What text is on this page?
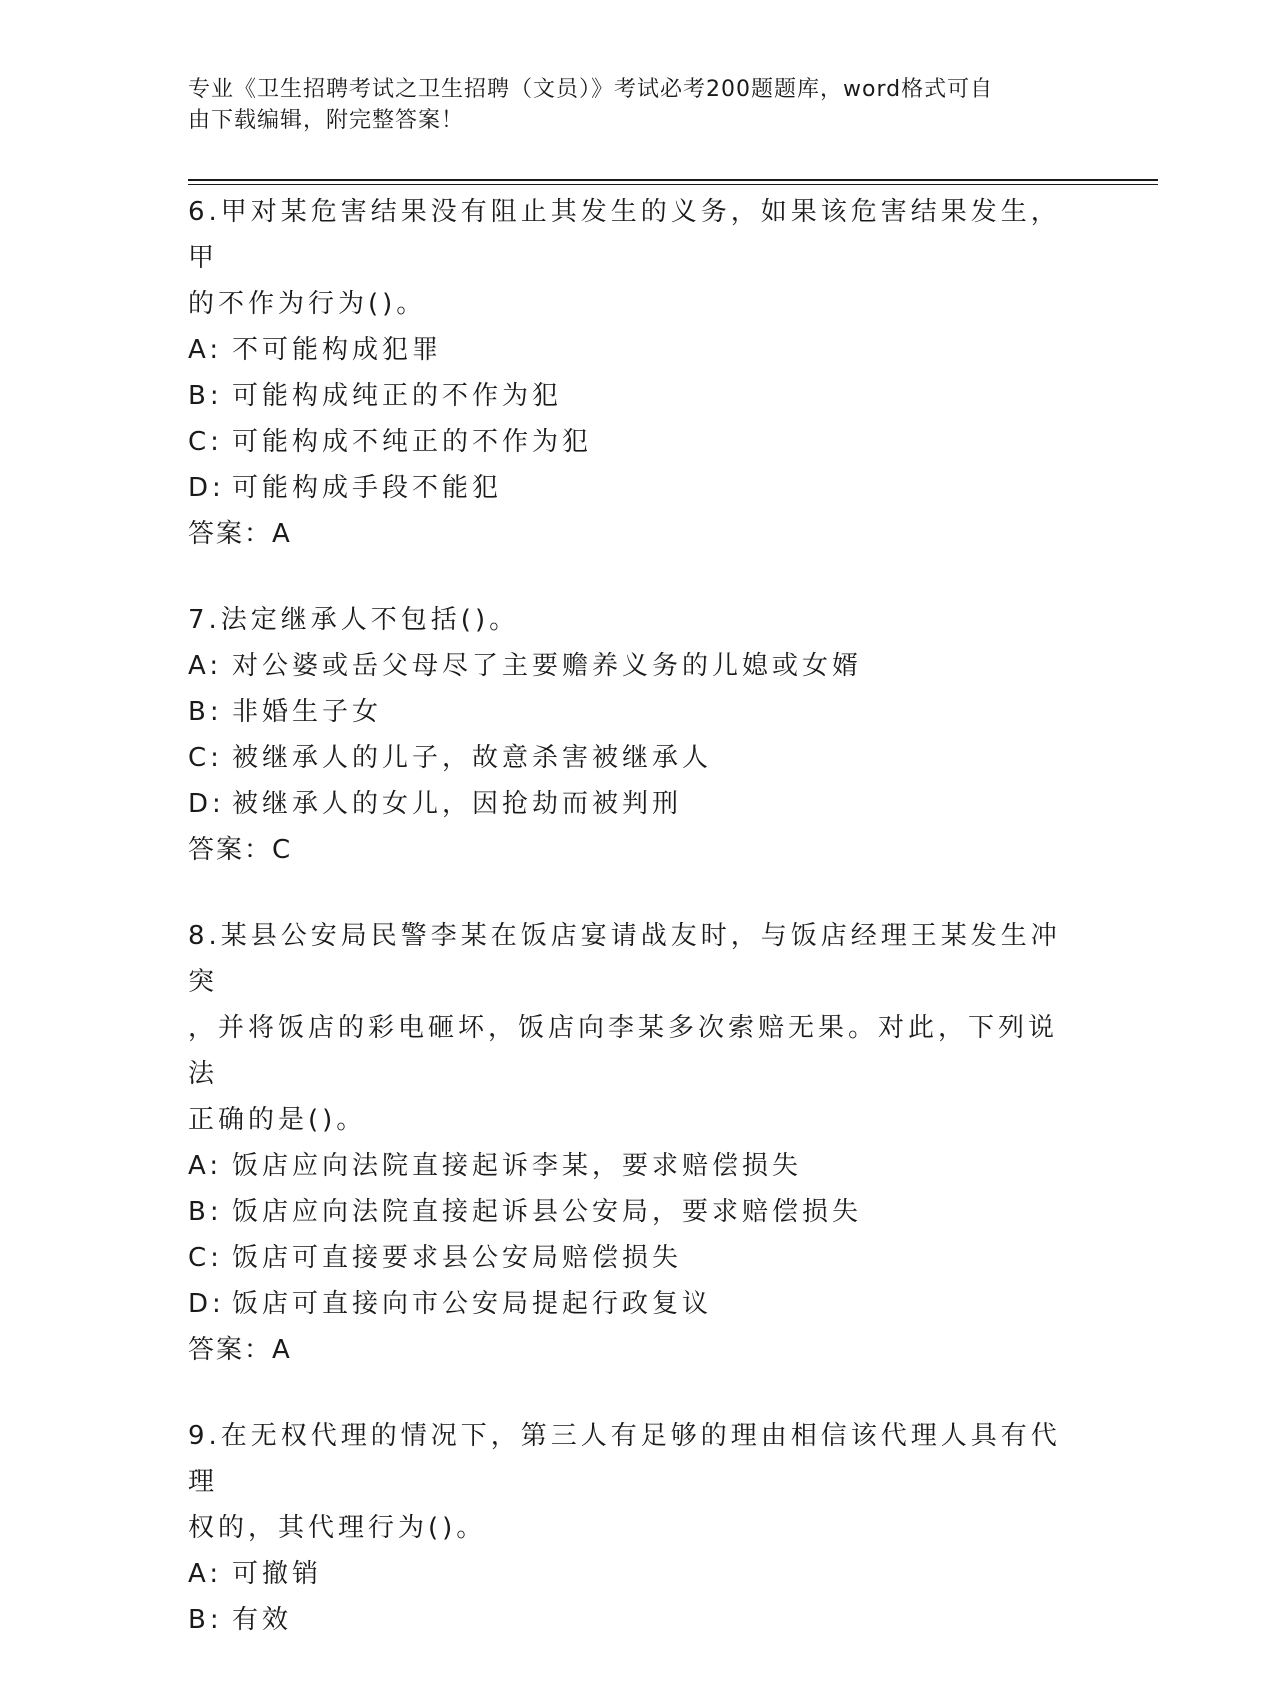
专业《卫生招聘考试之卫生招聘（文员）》考试必考200题题库，word格式可自
由下载编辑，附完整答案！
6.甲对某危害结果没有阻止其发生的义务，如果该危害结果发生，甲
的不作为行为()。
A: 不可能构成犯罪
B: 可能构成纯正的不作为犯
C: 可能构成不纯正的不作为犯
D: 可能构成手段不能犯
答案：A
7.法定继承人不包括()。
A: 对公婆或岳父母尽了主要赡养义务的儿媳或女婿
B: 非婚生子女
C: 被继承人的儿子，故意杀害被继承人
D: 被继承人的女儿，因抢劫而被判刑
答案：C
8.某县公安局民警李某在饭店宴请战友时，与饭店经理王某发生冲突
，并将饭店的彩电砸坏，饭店向李某多次索赔无果。对此，下列说法
正确的是()。
A: 饭店应向法院直接起诉李某，要求赔偿损失
B: 饭店应向法院直接起诉县公安局，要求赔偿损失
C: 饭店可直接要求县公安局赔偿损失
D: 饭店可直接向市公安局提起行政复议
答案：A
9.在无权代理的情况下，第三人有足够的理由相信该代理人具有代理
权的，其代理行为()。
A: 可撤销
B: 有效
